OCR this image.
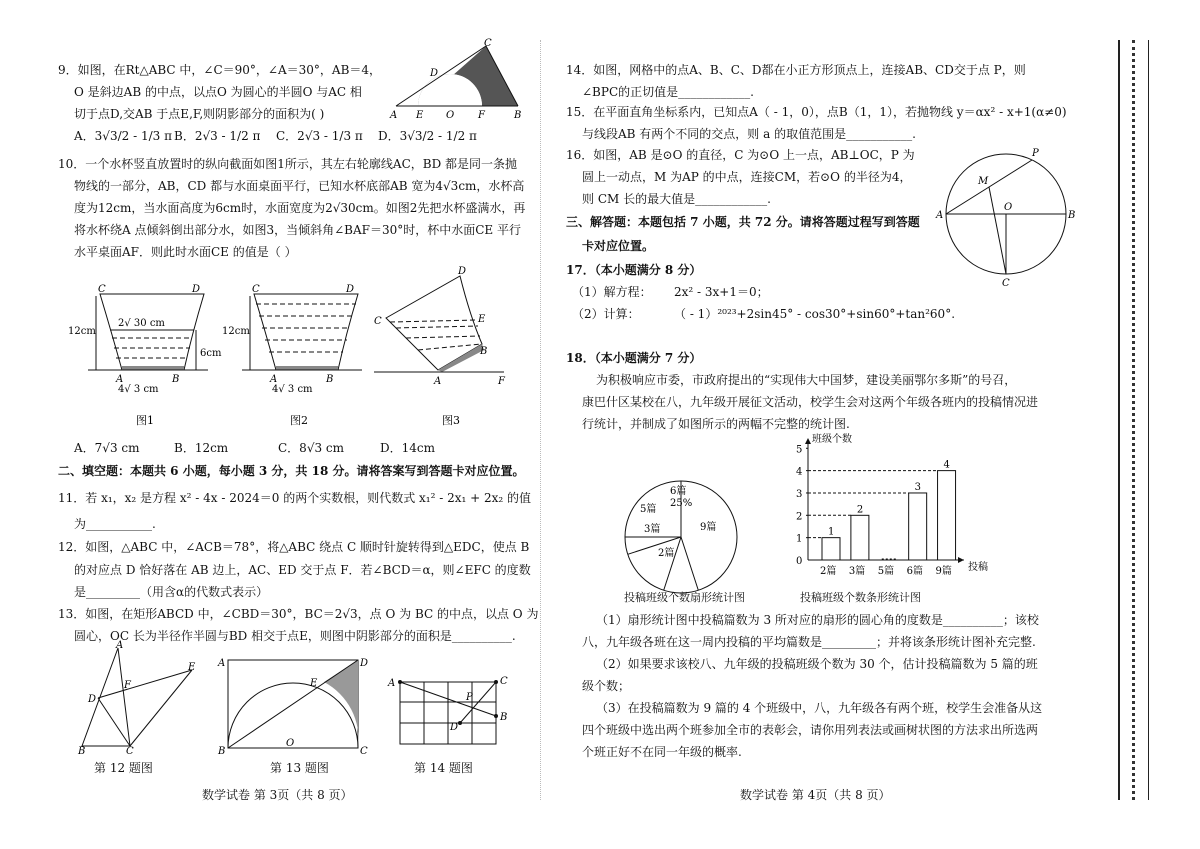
9．如图，在Rt△ABC 中，∠C＝90°，∠A＝30°，AB＝4，
O 是斜边AB 的中点，以点O 为圆心的半圆O 与AC 相
切于点D,交AB 于点E,F,则阴影部分的面积为( )
A．3√3/2 - 1/3 π B．2√3 - 1/2 π C．2√3 - 1/3 π D．3√3/2 - 1/2 π
A E O F	B
D
C
10．一个水杯竖直放置时的纵向截面如图1所示，其左右轮廓线AC，BD 都是同一条抛
物线的一部分，AB，CD 都与水面桌面平行，已知水杯底部AB 宽为4√3cm，水杯高
度为12cm，当水面高度为6cm时，水面宽度为2√30cm。如图2先把水杯盛满水，再
将水杯绕A 点倾斜倒出部分水，如图3，当倾斜角∠BAF＝30°时，杯中水面CE 平行
水平桌面AF．则此时水面CE 的值是（ ）
C	D
12cm
6cm
2√ 30 cm
A	B
4√ 3 cm
图1
C	D
12cm
A	B
4√ 3 cm
图2
D
C	E
B
A	F
图3
A．7√3 cm	B．12cm	C．8√3 cm	D．14cm
二、填空题：本题共 6 小题，每小题 3 分，共 18 分。请将答案写到答题卡对应位置。
11．若 x₁，x₂ 是方程 x² - 4x - 2024＝0 的两个实数根，则代数式 x₁² - 2x₁ + 2x₂ 的值
为___________.
12．如图，△ABC 中，∠ACB＝78°，将△ABC 绕点 C 顺时针旋转得到△EDC，使点 B
的对应点 D 恰好落在 AB 边上，AC、ED 交于点 F．若∠BCD＝α，则∠EFC 的度数
是_________（用含α的代数式表示）
13．如图，在矩形ABCD 中，∠CBD＝30°，BC＝2√3，点 O 为 BC 的中点，以点 O 为
圆心，OC 长为半径作半圆与BD 相交于点E，则图中阴影部分的面积是__________.
A
D
F
E
B	C
A	D
B
O
C
E	A	C
B
D
P
第 12 题图	第 13 题图	第 14 题图
数学试卷 第 3页（共 8 页）
14．如图，网格中的点A、B、C、D都在小正方形顶点上，连接AB、CD交于点 P，则
∠BPC的正切值是____________.
15．在平面直角坐标系内，已知点A（ - 1，0），点B（1，1），若抛物线 y＝αx² - x+1(α≠0)
与线段AB 有两个不同的交点，则 a 的取值范围是___________.
16．如图，AB 是⊙O 的直径，C 为⊙O 上一点，AB⊥OC，P 为
圆上一动点，M 为AP 的中点，连接CM，若⊙O 的半径为4，
则 CM 长的最大值是____________.
三、解答题：本题包括 7 小题，共 72 分。请将答题过程写到答题
卡对应位置。
A	B
O
P
M
C
17．（本小题满分 8 分）
（1）解方程： 2x² - 3x+1＝0；
（2）计算：	（ - 1）²⁰²³+2sin45° - cos30°+sin60°+tan²60°.
18．（本小题满分 7 分）
为积极响应市委，市政府提出的“实现伟大中国梦，建设美丽鄂尔多斯”的号召，
康巴什区某校在八，九年级开展征文活动，校学生会对这两个年级各班内的投稿情况进
行统计，并制成了如图所示的两幅不完整的统计图.
6篇
25%
9篇
2篇
3篇
5篇
投稿班级个数扇形统计图
0
1
2
3
4
5
班级个数
投稿
2篇
1
3篇
2
5篇 6篇
3
9篇
4
投稿班级个数条形统计图
（1）扇形统计图中投稿篇数为 3 所对应的扇形的圆心角的度数是__________；该校
八，九年级各班在这一周内投稿的平均篇数是_________；并将该条形统计图补充完整.
（2）如果要求该校八、九年级的投稿班级个数为 30 个，估计投稿篇数为 5 篇的班
级个数；
（3）在投稿篇数为 9 篇的 4 个班级中，八，九年级各有两个班，校学生会准备从这
四个班级中选出两个班参加全市的表彰会，请你用列表法或画树状图的方法求出所选两
个班正好不在同一年级的概率.
数学试卷 第 4页（共 8 页）
